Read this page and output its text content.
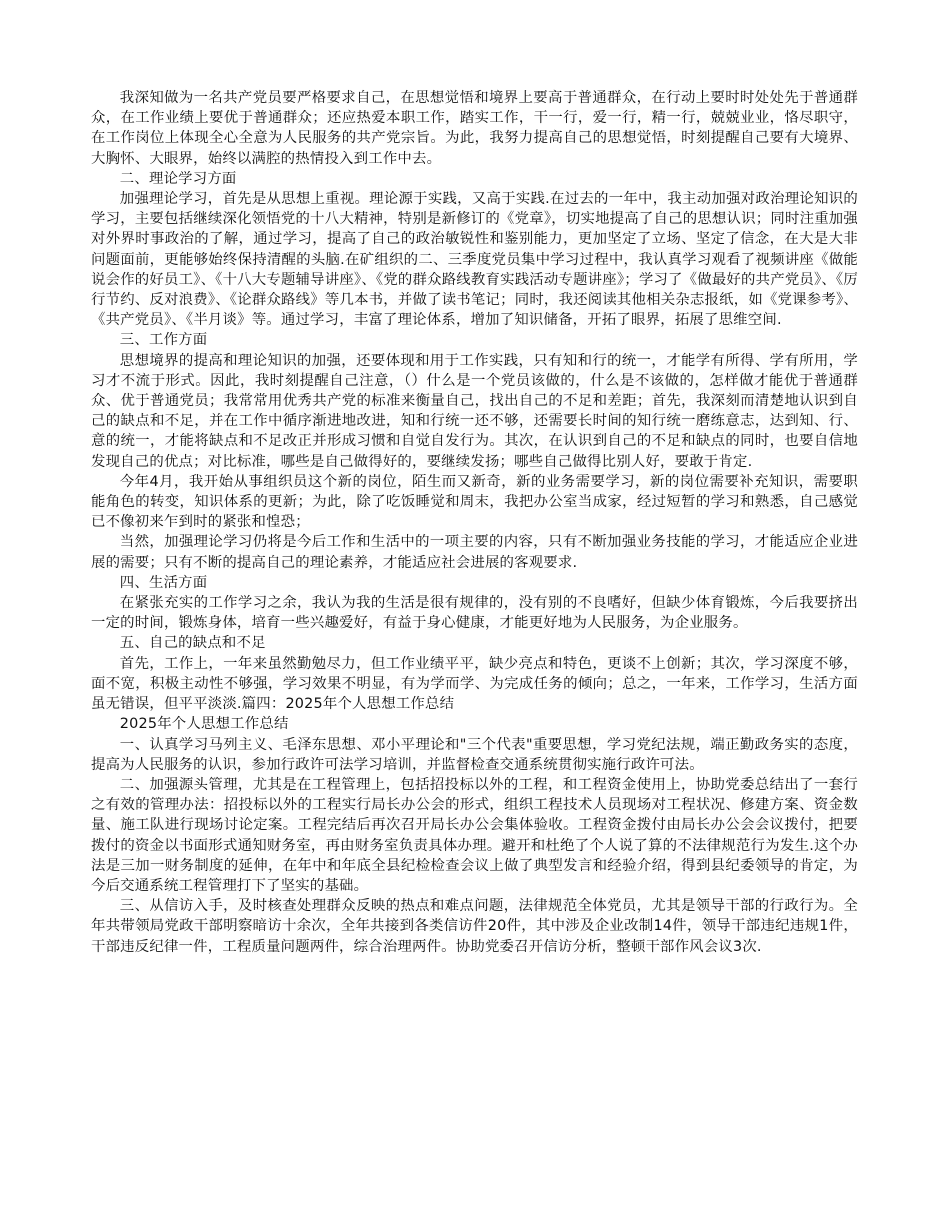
我深知做为一名共产党员要严格要求自己，在思想觉悟和境界上要高于普通群众，在行动上要时时处处先于普通群众，在工作业绩上要优于普通群众；还应热爱本职工作，踏实工作，干一行，爱一行，精一行，兢兢业业，恪尽职守，在工作岗位上体现全心全意为人民服务的共产党宗旨。为此，我努力提高自己的思想觉悟，时刻提醒自己要有大境界、大胸怀、大眼界，始终以满腔的热情投入到工作中去。

二、理论学习方面

加强理论学习，首先是从思想上重视。理论源于实践，又高于实践.在过去的一年中，我主动加强对政治理论知识的学习，主要包括继续深化领悟党的十八大精神，特别是新修订的《党章》，切实地提高了自己的思想认识；同时注重加强对外界时事政治的了解，通过学习，提高了自己的政治敏锐性和鉴别能力，更加坚定了立场、坚定了信念，在大是大非问题面前，更能够始终保持清醒的头脑.在矿组织的二、三季度党员集中学习过程中，我认真学习观看了视频讲座《做能说会作的好员工》、《十八大专题辅导讲座》、《党的群众路线教育实践活动专题讲座》；学习了《做最好的共产党员》、《厉行节约、反对浪费》、《论群众路线》等几本书，并做了读书笔记；同时，我还阅读其他相关杂志报纸，如《党课参考》、《共产党员》、《半月谈》等。通过学习，丰富了理论体系，增加了知识储备，开拓了眼界，拓展了思维空间.

三、工作方面

思想境界的提高和理论知识的加强，还要体现和用于工作实践，只有知和行的统一，才能学有所得、学有所用，学习才不流于形式。因此，我时刻提醒自己注意，（）什么是一个党员该做的，什么是不该做的，怎样做才能优于普通群众、优于普通党员；我常常用优秀共产党的标准来衡量自己，找出自己的不足和差距；首先，我深刻而清楚地认识到自己的缺点和不足，并在工作中循序渐进地改进，知和行统一还不够，还需要长时间的知行统一磨练意志，达到知、行、意的统一，才能将缺点和不足改正并形成习惯和自觉自发行为。其次，在认识到自己的不足和缺点的同时，也要自信地发现自己的优点；对比标准，哪些是自己做得好的，要继续发扬；哪些自己做得比别人好，要敢于肯定.

今年4月，我开始从事组织员这个新的岗位，陌生而又新奇，新的业务需要学习，新的岗位需要补充知识，需要职能角色的转变，知识体系的更新；为此，除了吃饭睡觉和周末，我把办公室当成家，经过短暂的学习和熟悉，自己感觉已不像初来乍到时的紧张和惶恐；

当然，加强理论学习仍将是今后工作和生活中的一项主要的内容，只有不断加强业务技能的学习，才能适应企业进展的需要；只有不断的提高自己的理论素养，才能适应社会进展的客观要求.

四、生活方面

在紧张充实的工作学习之余，我认为我的生活是很有规律的，没有别的不良嗜好，但缺少体育锻炼，今后我要挤出一定的时间，锻炼身体，培育一些兴趣爱好，有益于身心健康，才能更好地为人民服务，为企业服务。

五、自己的缺点和不足

首先，工作上，一年来虽然勤勉尽力，但工作业绩平平，缺少亮点和特色，更谈不上创新；其次，学习深度不够，面不宽，积极主动性不够强，学习效果不明显，有为学而学、为完成任务的倾向；总之，一年来，工作学习，生活方面虽无错误，但平平淡淡.篇四：2025年个人思想工作总结

2025年个人思想工作总结

一、认真学习马列主义、毛泽东思想、邓小平理论和"三个代表"重要思想，学习党纪法规，端正勤政务实的态度，提高为人民服务的认识，参加行政许可法学习培训，并监督检查交通系统贯彻实施行政许可法。

二、加强源头管理，尤其是在工程管理上，包括招投标以外的工程，和工程资金使用上，协助党委总结出了一套行之有效的管理办法：招投标以外的工程实行局长办公会的形式，组织工程技术人员现场对工程状况、修建方案、资金数量、施工队进行现场讨论定案。工程完结后再次召开局长办公会集体验收。工程资金拨付由局长办公会会议拨付，把要拨付的资金以书面形式通知财务室，再由财务室负责具体办理。避开和杜绝了个人说了算的不法律规范行为发生.这个办法是三加一财务制度的延伸，在年中和年底全县纪检检查会议上做了典型发言和经验介绍，得到县纪委领导的肯定，为今后交通系统工程管理打下了坚实的基础。

三、从信访入手，及时核查处理群众反映的热点和难点问题，法律规范全体党员，尤其是领导干部的行政行为。全年共带领局党政干部明察暗访十余次，全年共接到各类信访件20件，其中涉及企业改制14件，领导干部违纪违规1件，干部违反纪律一件，工程质量问题两件，综合治理两件。协助党委召开信访分析，整顿干部作风会议3次.
